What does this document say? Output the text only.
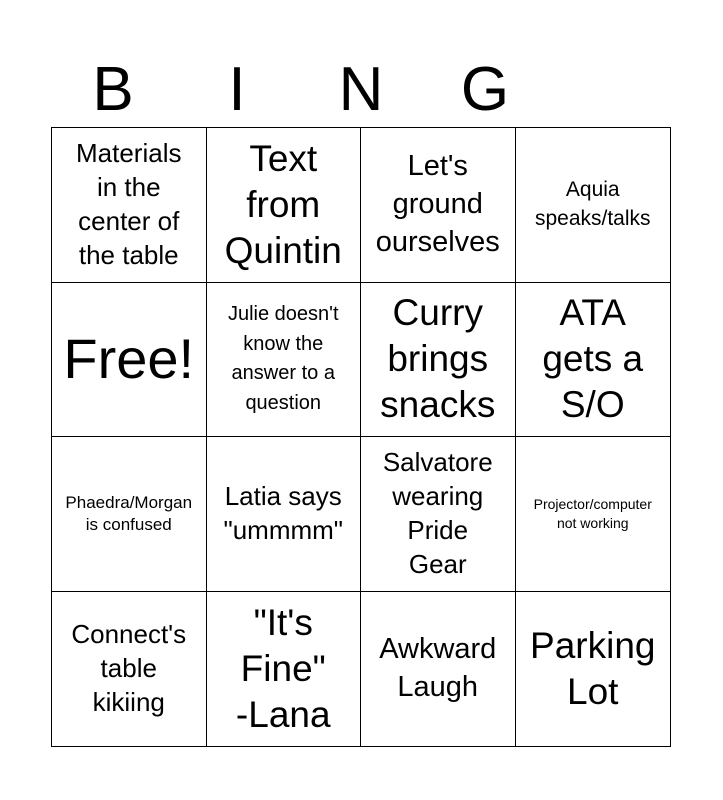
B	I	N	G
Materials
in the
center of
the table
Text
from
Quintin
Let's
ground
ourselves
Aquia
speaks/talks
Free!
Julie doesn't
know the
answer to a
question
Curry
brings
snacks
ATA
gets a
S/O
Phaedra/Morgan
is confused
Latia says
"ummmm"
Salvatore
wearing
Pride
Gear
Projector/computer
not working
Connect's
table
kikiing
"It's
Fine"
-Lana
Awkward
Laugh
Parking
Lot
